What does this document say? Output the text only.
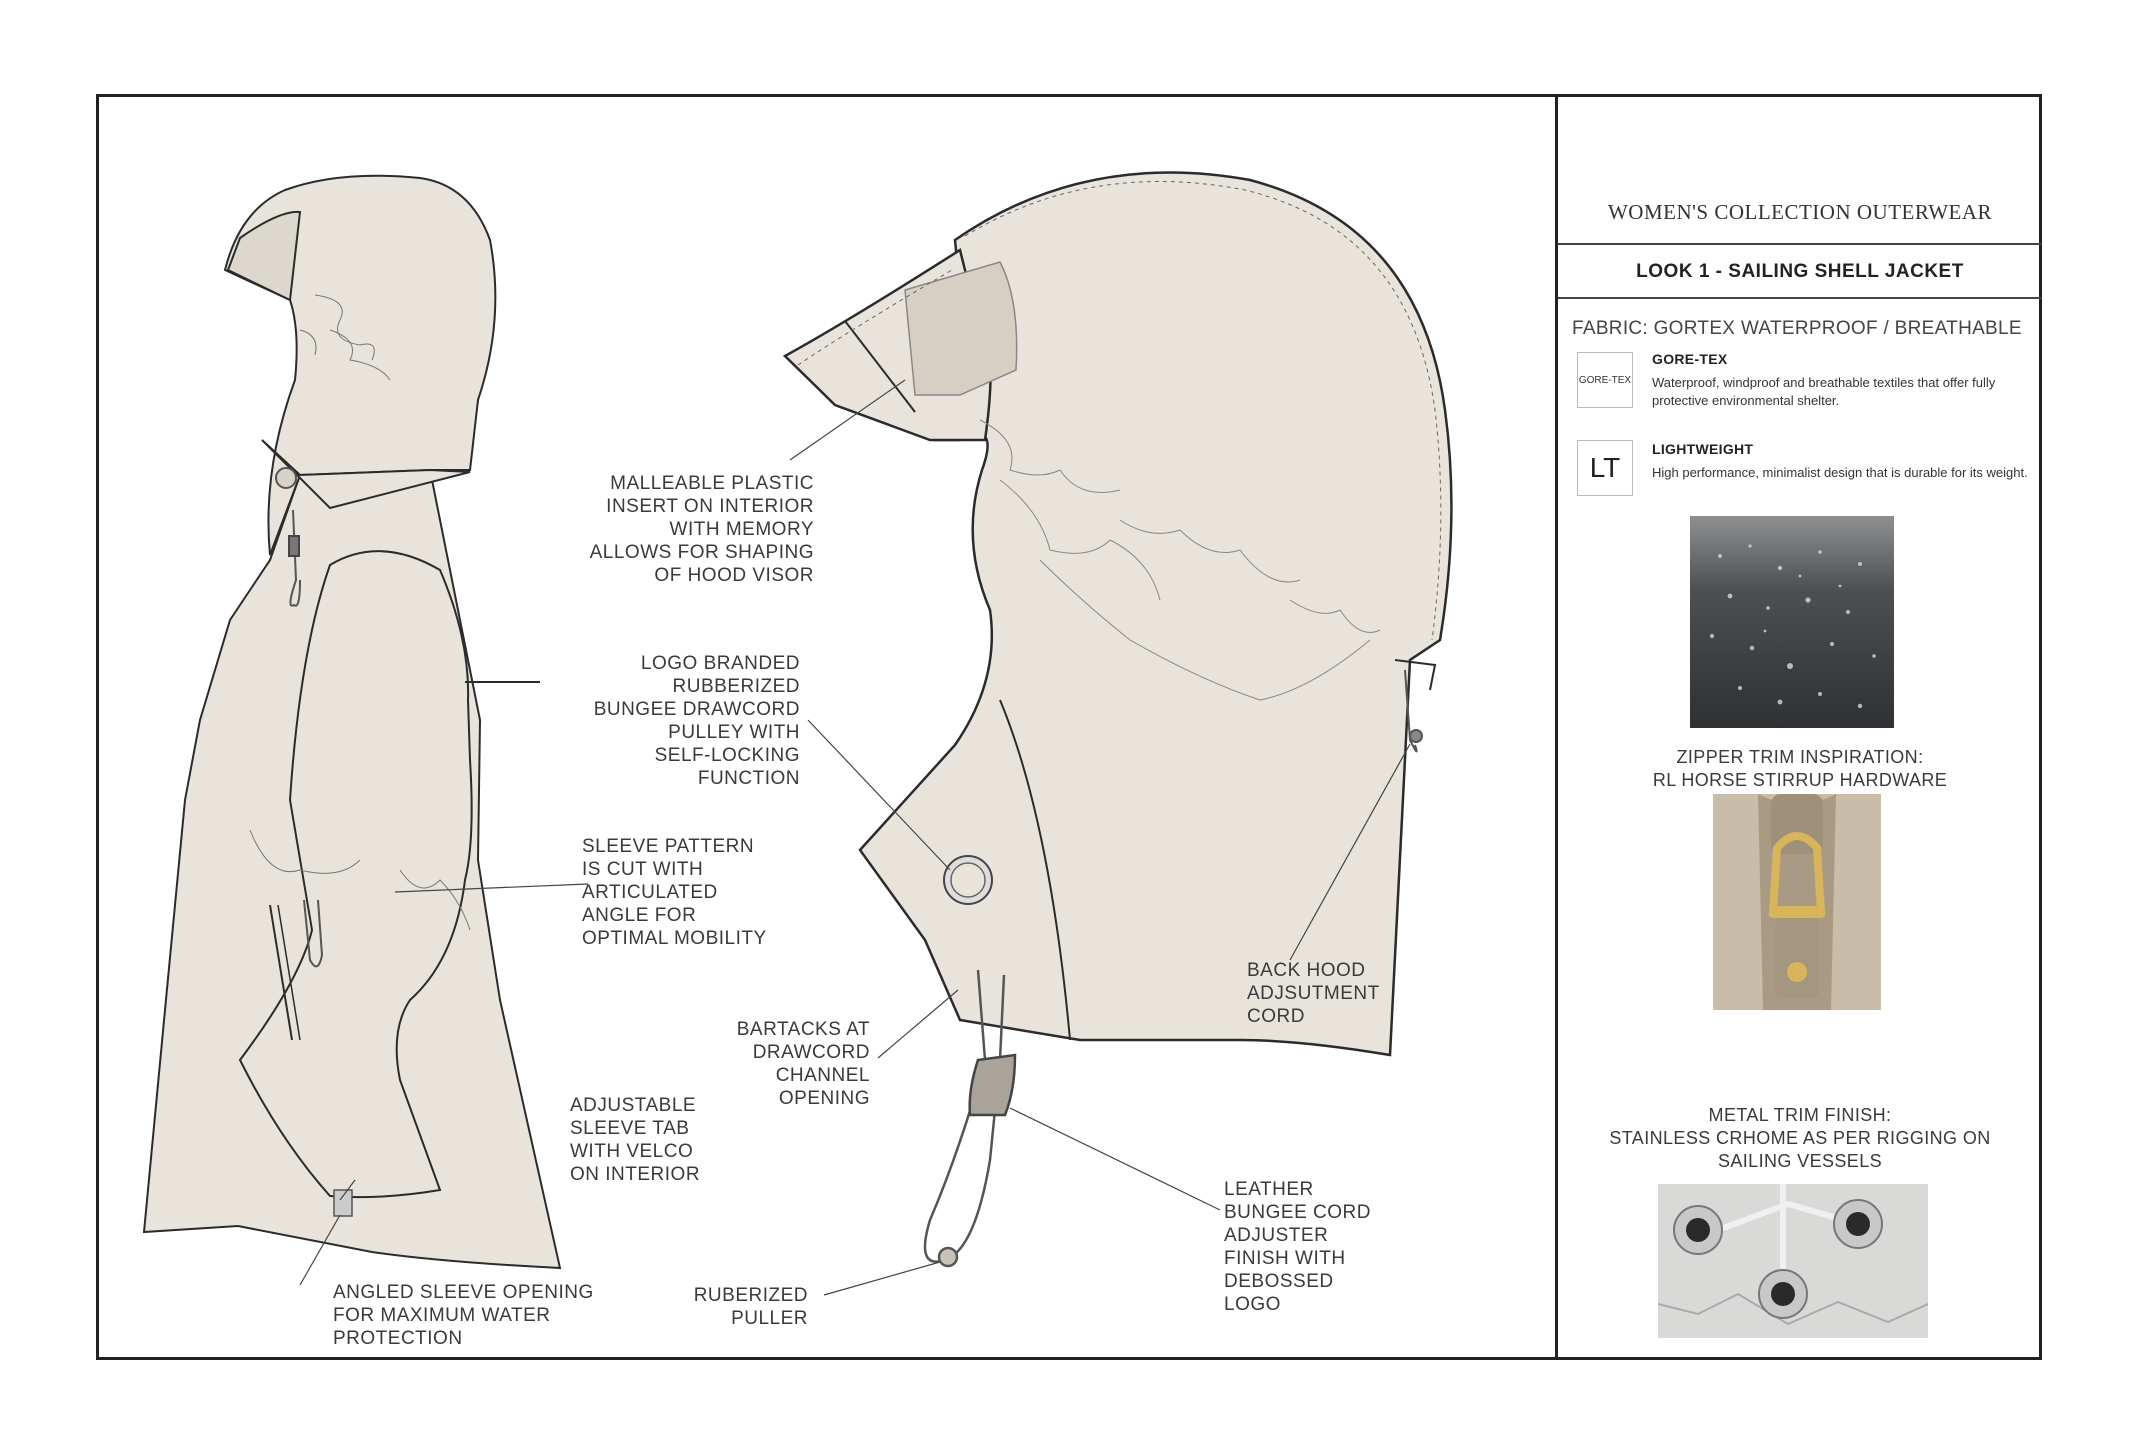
MALLEABLE PLASTIC
INSERT ON INTERIOR
WITH MEMORY
ALLOWS FOR SHAPING
OF HOOD VISOR
LOGO BRANDED
RUBBERIZED
BUNGEE DRAWCORD
PULLEY WITH
SELF-LOCKING
FUNCTION
SLEEVE PATTERN
IS CUT WITH
ARTICULATED
ANGLE FOR
OPTIMAL MOBILITY
BARTACKS AT
DRAWCORD
CHANNEL
OPENING
ADJUSTABLE
SLEEVE TAB
WITH VELCO
ON INTERIOR
ANGLED SLEEVE OPENING
FOR MAXIMUM WATER
PROTECTION
RUBERIZED
PULLER
BACK HOOD
ADJSUTMENT
CORD
LEATHER
BUNGEE CORD
ADJUSTER
FINISH WITH
DEBOSSED
LOGO
WOMEN'S COLLECTION OUTERWEAR
LOOK 1 - SAILING SHELL JACKET
FABRIC: GORTEX WATERPROOF / BREATHABLE
GORE-TEX
GORE-TEX
Waterproof, windproof and breathable textiles that offer fully protective environmental shelter.
LT
LIGHTWEIGHT
High performance, minimalist design that is durable for its weight.
ZIPPER TRIM INSPIRATION:
RL HORSE STIRRUP HARDWARE
METAL TRIM FINISH:
STAINLESS CRHOME AS PER RIGGING ON
SAILING VESSELS
